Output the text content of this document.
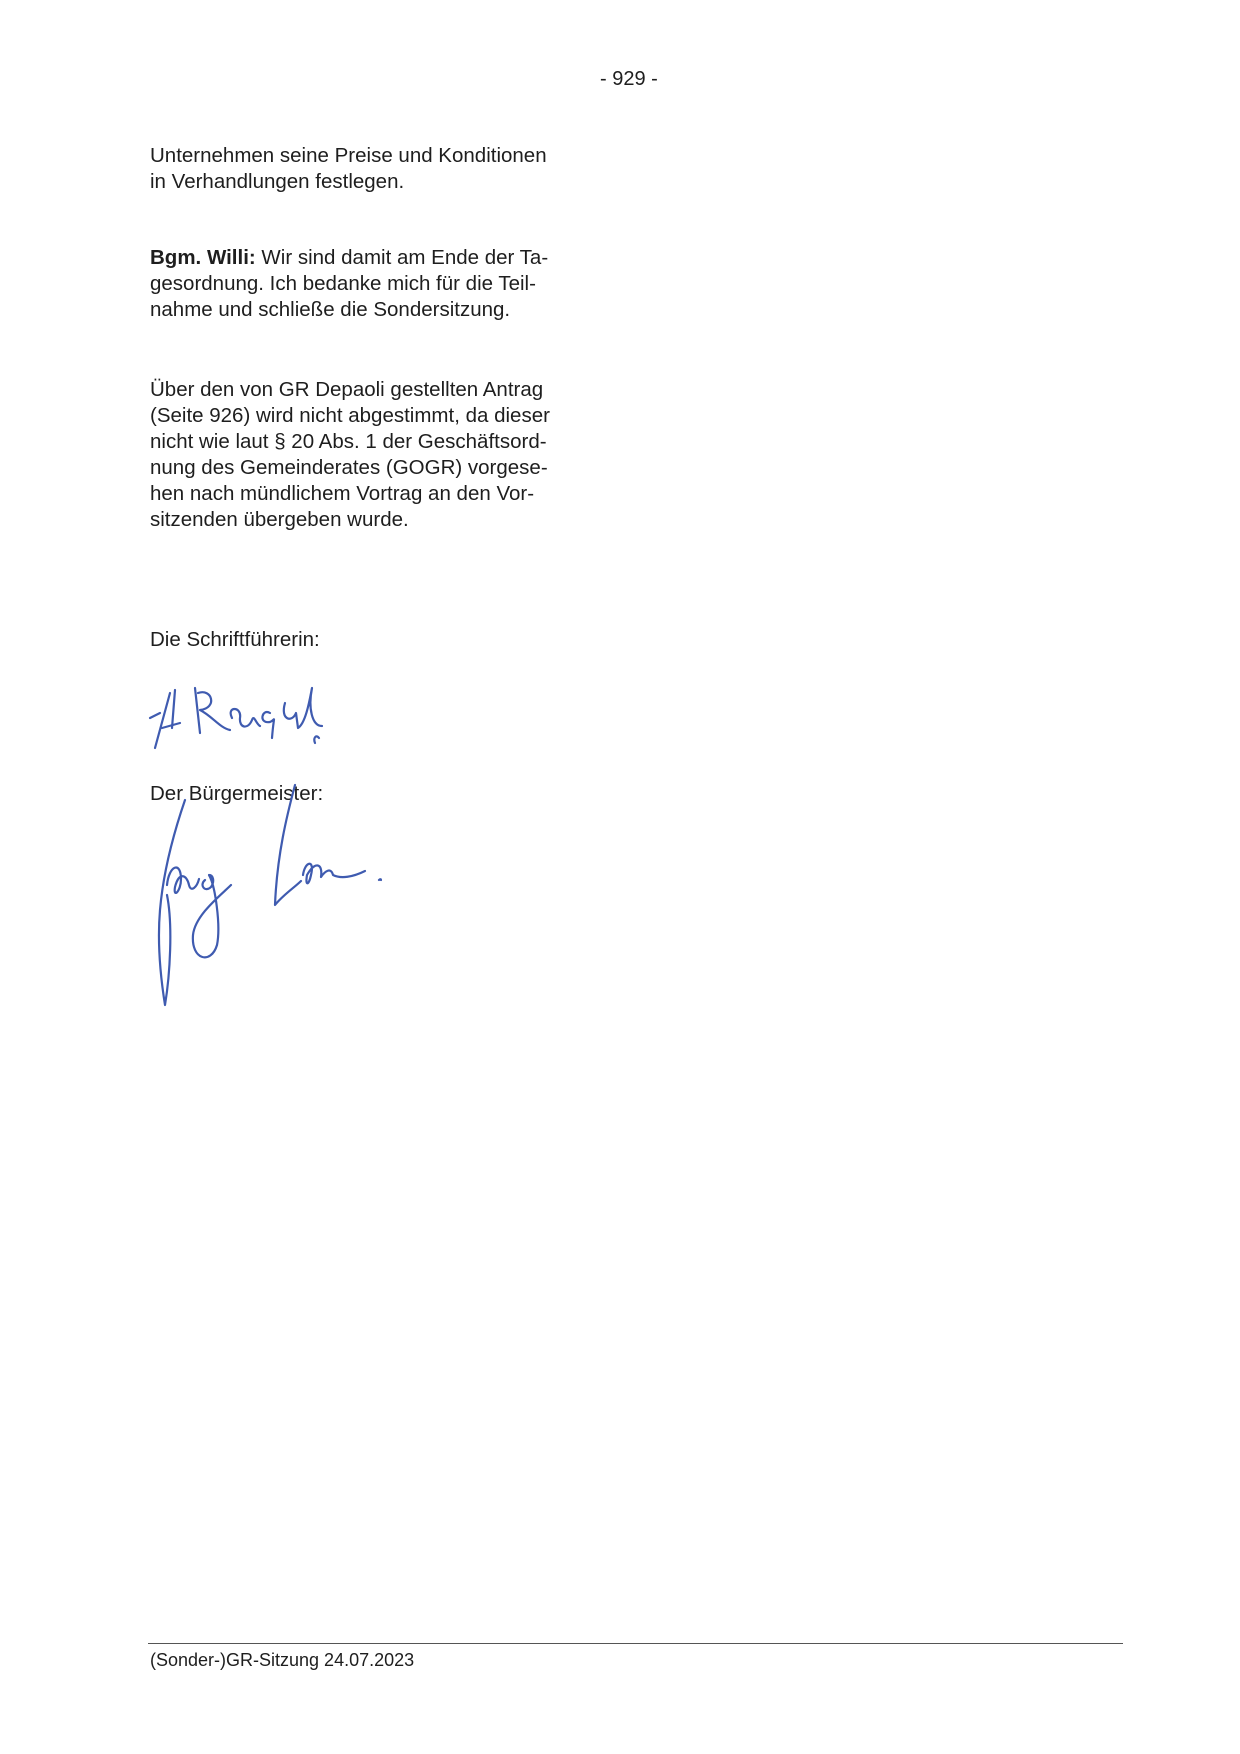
- 929 -

Unternehmen seine Preise und Konditionen
in Verhandlungen festlegen.

Bgm. Willi: Wir sind damit am Ende der Ta-
gesordnung. Ich bedanke mich für die Teil-
nahme und schließe die Sondersitzung.

Über den von GR Depaoli gestellten Antrag
(Seite 926) wird nicht abgestimmt, da dieser
nicht wie laut § 20 Abs. 1 der Geschäftsord-
nung des Gemeinderates (GOGR) vorgese-
hen nach mündlichem Vortrag an den Vor-
sitzenden übergeben wurde.

Die Schriftführerin:
Der Bürgermeister:
(Sonder-)GR-Sitzung 24.07.2023
